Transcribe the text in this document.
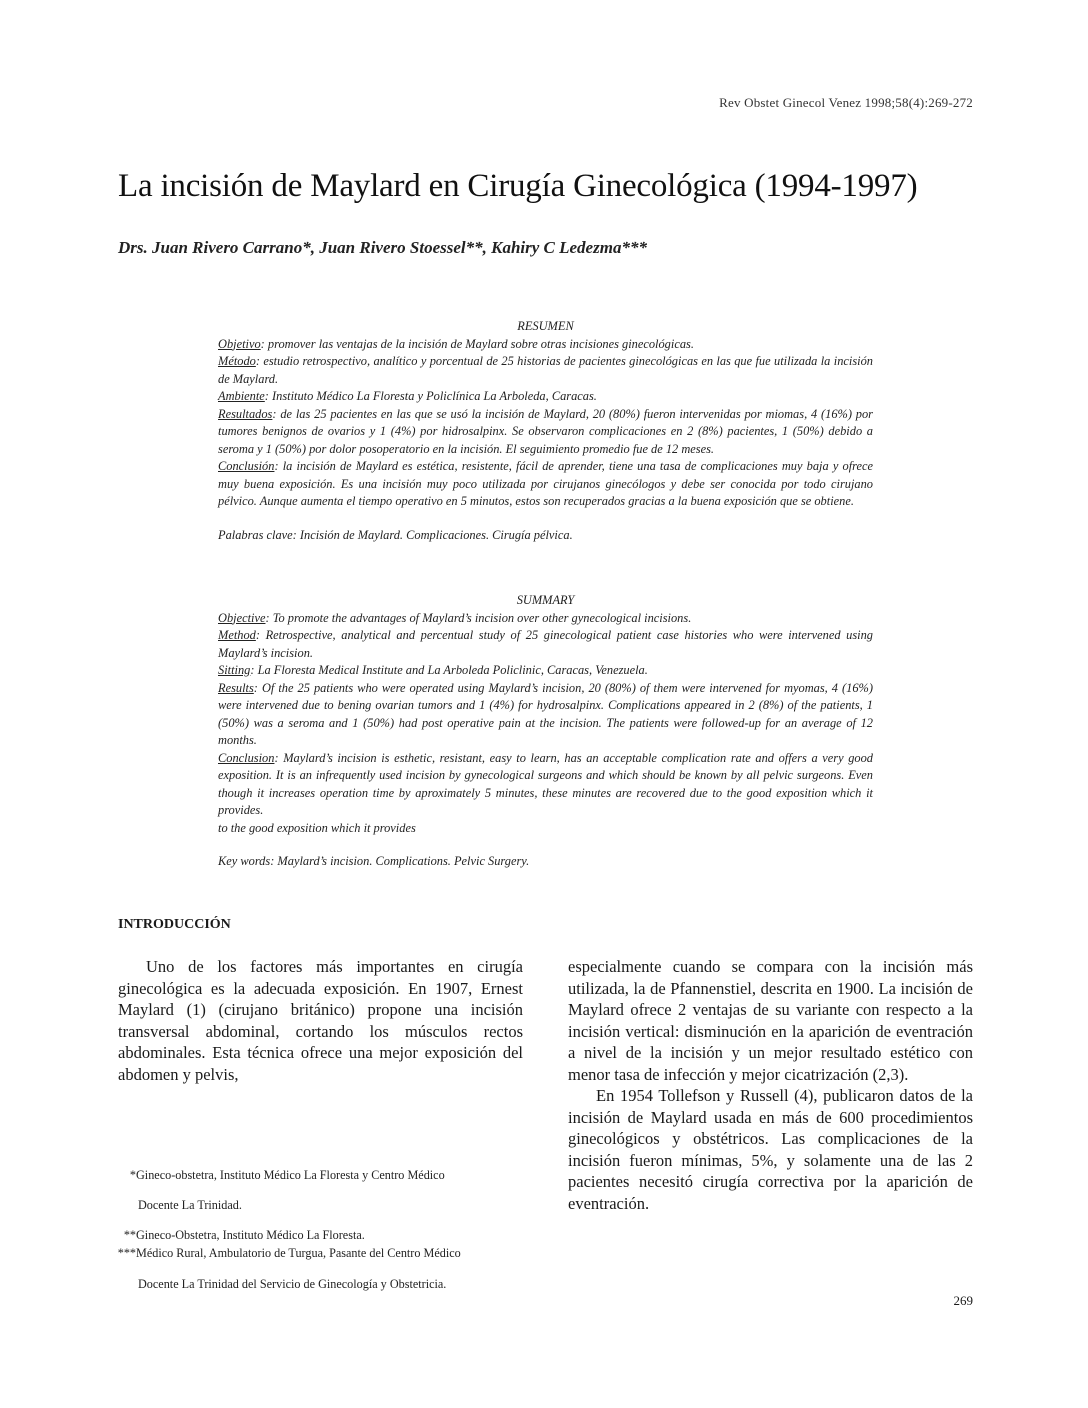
Rev Obstet Ginecol Venez 1998;58(4):269-272
La incisión de Maylard en Cirugía Ginecológica (1994-1997)
Drs. Juan Rivero Carrano*, Juan Rivero Stoessel**, Kahiry C Ledezma***

RESUMEN

Objetivo: promover las ventajas de la incisión de Maylard sobre otras incisiones ginecológicas.

Método: estudio retrospectivo, analítico y porcentual de 25 historias de pacientes ginecológicas en las que fue utilizada la incisión de Maylard.

Ambiente: Instituto Médico La Floresta y Policlínica La Arboleda, Caracas.

Resultados: de las 25 pacientes en las que se usó la incisión de Maylard, 20 (80%) fueron intervenidas por miomas, 4 (16%) por tumores benignos de ovarios y 1 (4%) por hidrosalpinx. Se observaron complicaciones en 2 (8%) pacientes, 1 (50%) debido a seroma y 1 (50%) por dolor posoperatorio en la incisión. El seguimiento promedio fue de 12 meses.

Conclusión: la incisión de Maylard es estética, resistente, fácil de aprender, tiene una tasa de complicaciones muy baja y ofrece muy buena exposición. Es una incisión muy poco utilizada por cirujanos ginecólogos y debe ser conocida por todo cirujano pélvico. Aunque aumenta el tiempo operativo en 5 minutos, estos son recuperados gracias a la buena exposición que se obtiene.

Palabras clave: Incisión de Maylard. Complicaciones. Cirugía pélvica.

SUMMARY

Objective: To promote the advantages of Maylard’s incision over other gynecological incisions.

Method: Retrospective, analytical and percentual study of 25 ginecological patient case histories who were intervened using Maylard’s incision.

Sitting: La Floresta Medical Institute and La Arboleda Policlinic, Caracas, Venezuela.

Results: Of the 25 patients who were operated using Maylard’s incision, 20 (80%) of them were intervened for myomas, 4 (16%) were intervened due to bening ovarian tumors and 1 (4%) for hydrosalpinx. Complications appeared in 2 (8%) of the patients, 1 (50%) was a seroma and 1 (50%) had post operative pain at the incision. The patients were followed-up for an average of 12 months.

Conclusion: Maylard’s incision is esthetic, resistant, easy to learn, has an acceptable complication rate and offers a very good exposition. It is an infrequently used incision by gynecological surgeons and which should be known by all pelvic surgeons. Even though it increases operation time by aproximately 5 minutes, these minutes are recovered due to the good exposition which it provides.

to the good exposition which it provides

Key words: Maylard’s incision. Complications. Pelvic Surgery.

INTRODUCCIÓN

Uno de los factores más importantes en cirugía ginecológica es la adecuada exposición. En 1907, Ernest Maylard (1) (cirujano británico) propone una incisión transversal abdominal, cortando los músculos rectos abdominales. Esta técnica ofrece una mejor exposición del abdomen y pelvis,

especialmente cuando se compara con la incisión más utilizada, la de Pfannenstiel, descrita en 1900. La incisión de Maylard ofrece 2 ventajas de su variante con respecto a la incisión vertical: disminución en la aparición de eventración a nivel de la incisión y un mejor resultado estético con menor tasa de infección y mejor cicatrización (2,3).

En 1954 Tollefson y Russell (4), publicaron datos de la incisión de Maylard usada en más de 600 procedimientos ginecológicos y obstétricos. Las complicaciones de la incisión fueron mínimas, 5%, y solamente una de las 2 pacientes necesitó cirugía correctiva por la aparición de eventración.

*Gineco-obstetra, Instituto Médico La Floresta y Centro Médico

Docente La Trinidad.

**Gineco-Obstetra, Instituto Médico La Floresta.

***Médico Rural, Ambulatorio de Turgua, Pasante del Centro Médico

Docente La Trinidad del Servicio de Ginecología y Obstetricia.

269
